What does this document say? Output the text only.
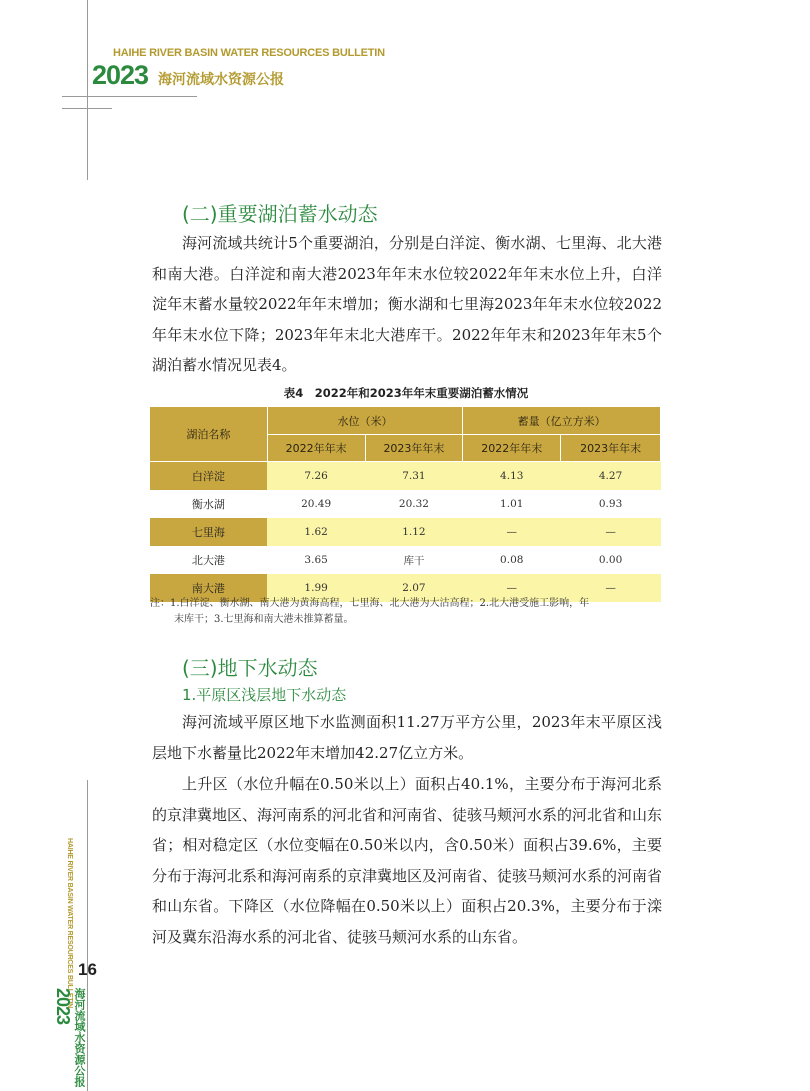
HAIHE RIVER BASIN WATER RESOURCES BULLETIN
2023 海河流域水资源公报
(二)重要湖泊蓄水动态
海河流域共统计5个重要湖泊，分别是白洋淀、衡水湖、七里海、北大港和南大港。白洋淀和南大港2023年年末水位较2022年年末水位上升，白洋淀年末蓄水量较2022年年末增加；衡水湖和七里海2023年年末水位较2022年年末水位下降；2023年年末北大港库干。2022年年末和2023年年末5个湖泊蓄水情况见表4。
表4　2022年和2023年年末重要湖泊蓄水情况
湖泊名称	水位（米）		蓄量（亿立方米）	
	2022年年末	2023年年末	2022年年末	2023年年末
白洋淀	7.26	7.31	4.13	4.27
衡水湖	20.49	20.32	1.01	0.93
七里海	1.62	1.12	—	—
北大港	3.65	库干	0.08	0.00
南大港	1.99	2.07	—	—
注：1.白洋淀、衡水湖、南大港为黄海高程，七里海、北大港为大沽高程；2.北大港受施工影响，年
末库干；3.七里海和南大港未推算蓄量。
(三)地下水动态
1.平原区浅层地下水动态
海河流域平原区地下水监测面积11.27万平方公里，2023年末平原区浅层地下水蓄量比2022年末增加42.27亿立方米。
上升区（水位升幅在0.50米以上）面积占40.1%，主要分布于海河北系的京津冀地区、海河南系的河北省和河南省、徒骇马颊河水系的河北省和山东省；相对稳定区（水位变幅在0.50米以内，含0.50米）面积占39.6%，主要分布于海河北系和海河南系的京津冀地区及河南省、徒骇马颊河水系的河南省和山东省。下降区（水位降幅在0.50米以上）面积占20.3%，主要分布于滦河及冀东沿海水系的河北省、徒骇马颊河水系的山东省。
HAIHE RIVER BASIN WATER RESOURCES BULLETIN 16
2023 海河流域水资源公报
